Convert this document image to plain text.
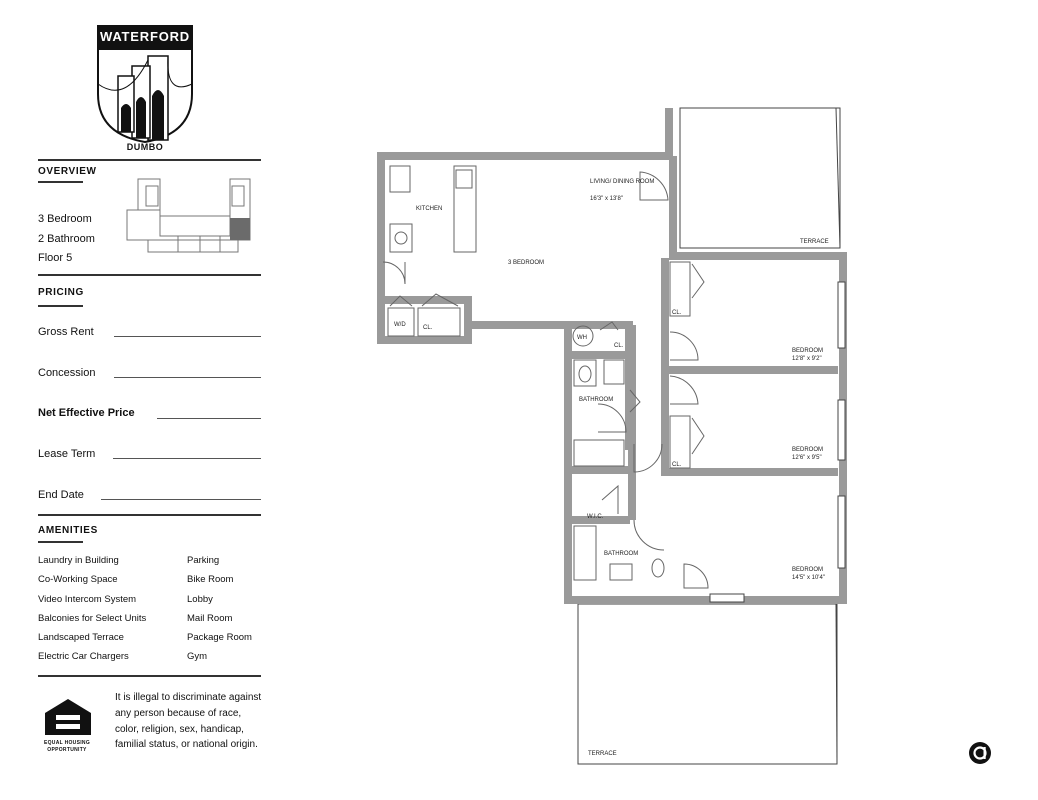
WATERFORD
DUMBO
OVERVIEW
3 Bedroom
2 Bathroom
Floor 5
PRICING
Gross Rent
Concession
Net Effective Price
Lease Term
End Date
AMENITIES
Laundry in Building
Co-Working Space
Video Intercom System
Balconies for Select Units
Landscaped Terrace
Electric Car Chargers
Parking
Bike Room
Lobby
Mail Room
Package Room
Gym
EQUAL HOUSING OPPORTUNITY
It is illegal to discriminate against any person because of race, color, religion, sex, handicap, familial status, or national origin.
LIVING/ DINING ROOM
16'3" x 13'8"
KITCHEN
3 BEDROOM
TERRACE
TERRACE
BEDROOM
12'8" x 9'2"
BEDROOM
12'6" x 9'5"
BEDROOM
14'5" x 10'4"
BATHROOM
BATHROOM
W.I.C.
WH
W/D	CL.
CL.
CL.
CL.
